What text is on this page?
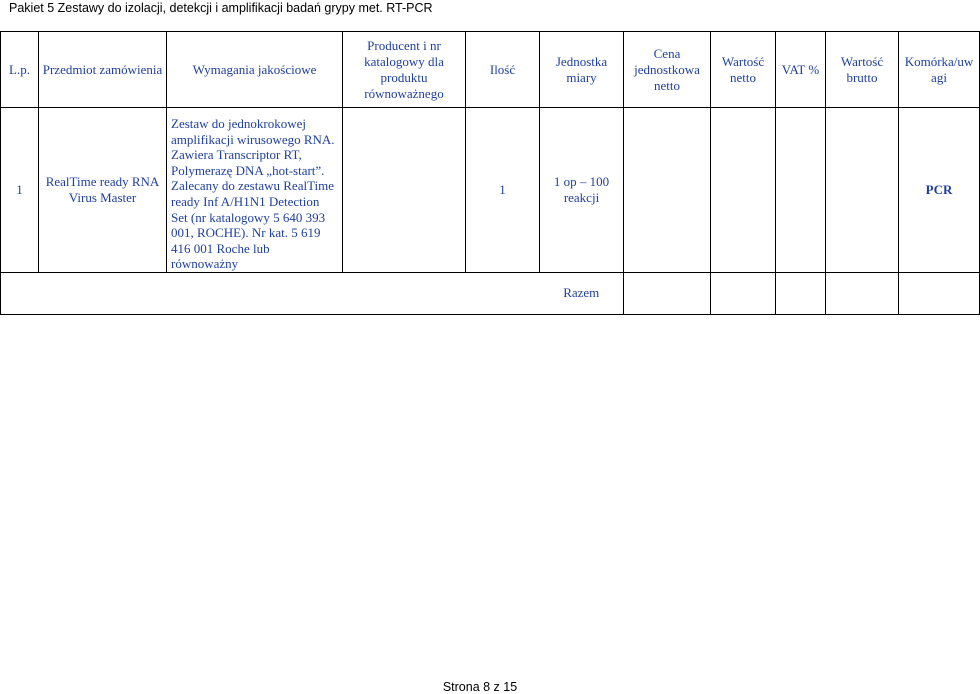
Pakiet 5 Zestawy do izolacji, detekcji i amplifikacji badań grypy met. RT-PCR
L.p.	Przedmiot zamówienia	Wymagania jakościowe	Producent i nr katalogowy dla produktu równoważnego	Ilość	Jednostka miary	Cena jednostkowa netto	Wartość netto	VAT %	Wartość brutto	Komórka/uw agi
1	RealTime ready RNA Virus Master	Zestaw do jednokrokowej amplifikacji wirusowego RNA. Zawiera Transcriptor RT, Polymerazę DNA „hot-start”. Zalecany do zestawu RealTime ready Inf A/H1N1 Detection Set (nr katalogowy 5 640 393 001, ROCHE). Nr kat. 5 619 416 001 Roche lub równoważny		1	1 op – 100 reakcji					PCR
					Razem					
Strona 8 z 15
